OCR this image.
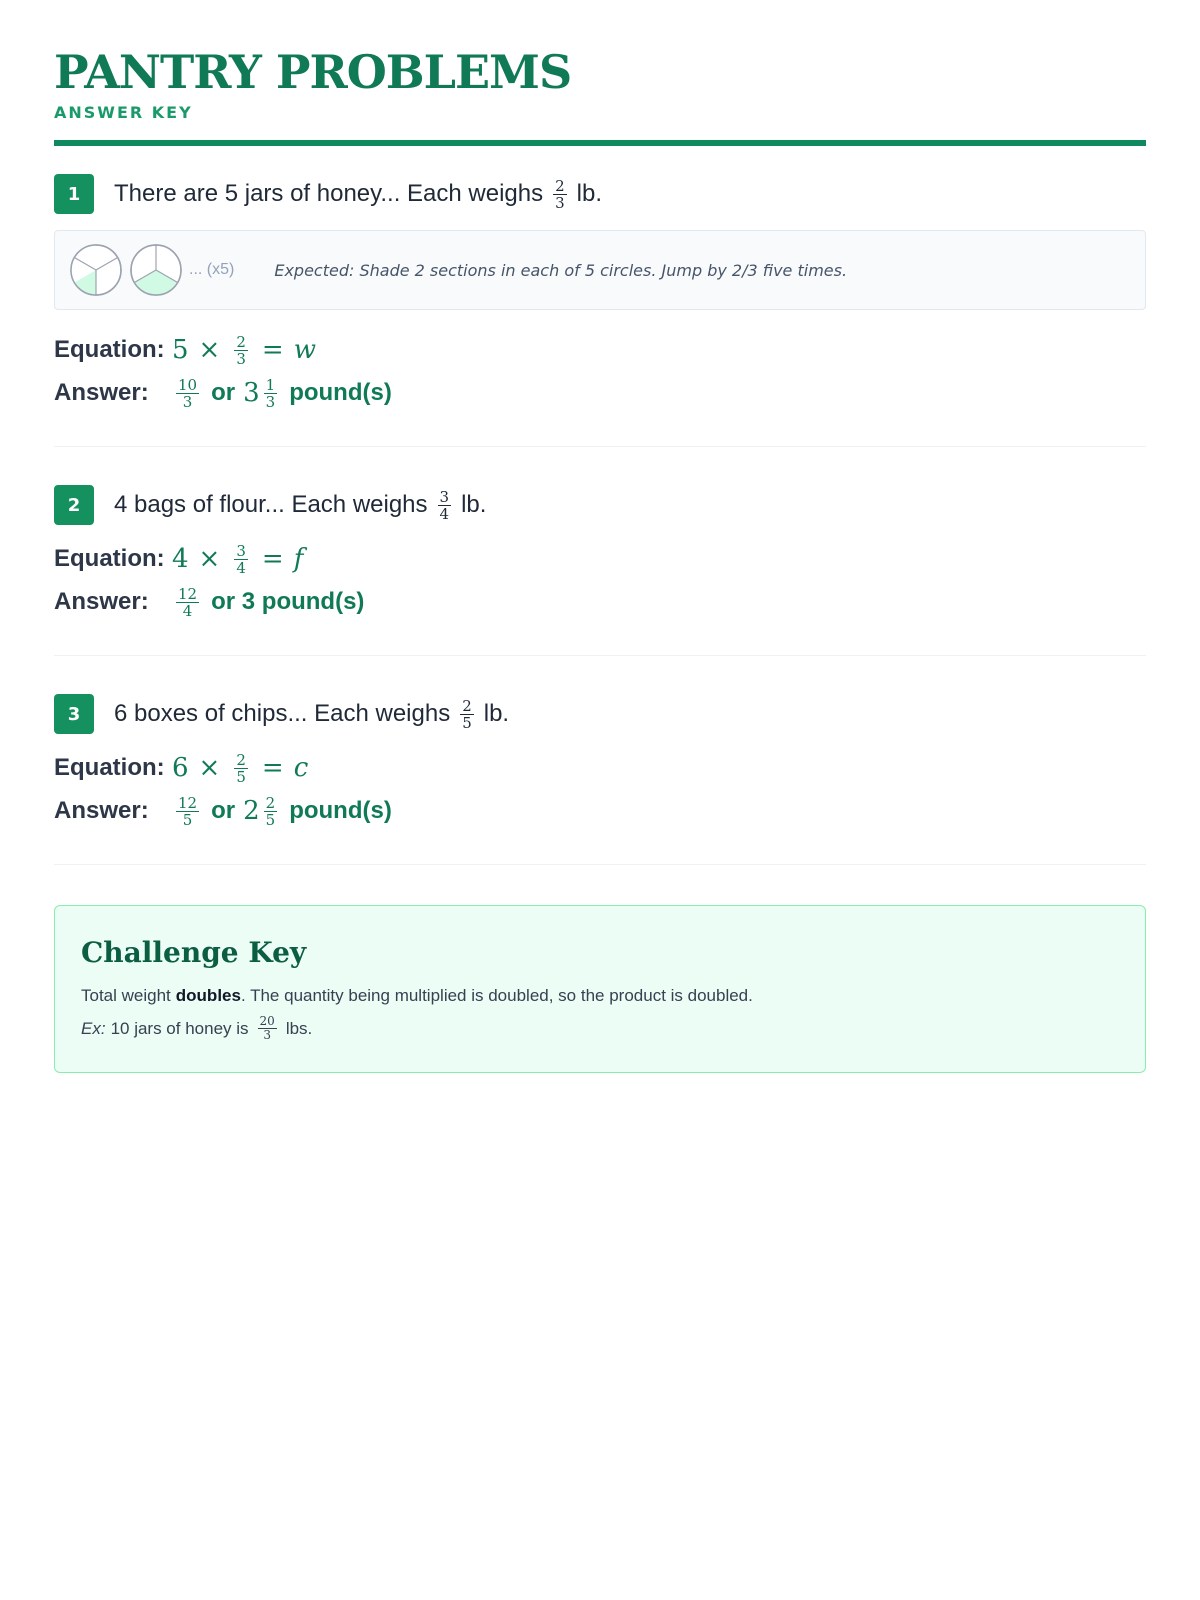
PANTRY PROBLEMS
ANSWER KEY
1	There are 5 jars of honey... Each weighs $\frac{2}{3}$ lb.
... (x5)	Expected: Shade 2 sections in each of 5 circles. Jump by 2/3 five times.
Equation: $5 \times \frac{2}{3} = w$
Answer:	$\frac{10}{3}$ or $3 \frac{1}{3}$ pound(s)
2	4 bags of flour... Each weighs $\frac{3}{4}$ lb.
Equation: $4 \times \frac{3}{4} = f$
Answer:	$\frac{12}{4}$ or 3 pound(s)
3	6 boxes of chips... Each weighs $\frac{2}{5}$ lb.
Equation: $6 \times \frac{2}{5} = c$
Answer:	$\frac{12}{5}$ or $2 \frac{2}{5}$ pound(s)
Challenge Key
Total weight doubles . The quantity being multiplied is doubled, so the product is doubled.
Ex: 10 jars of honey is $\frac{20}{3}$ lbs.
